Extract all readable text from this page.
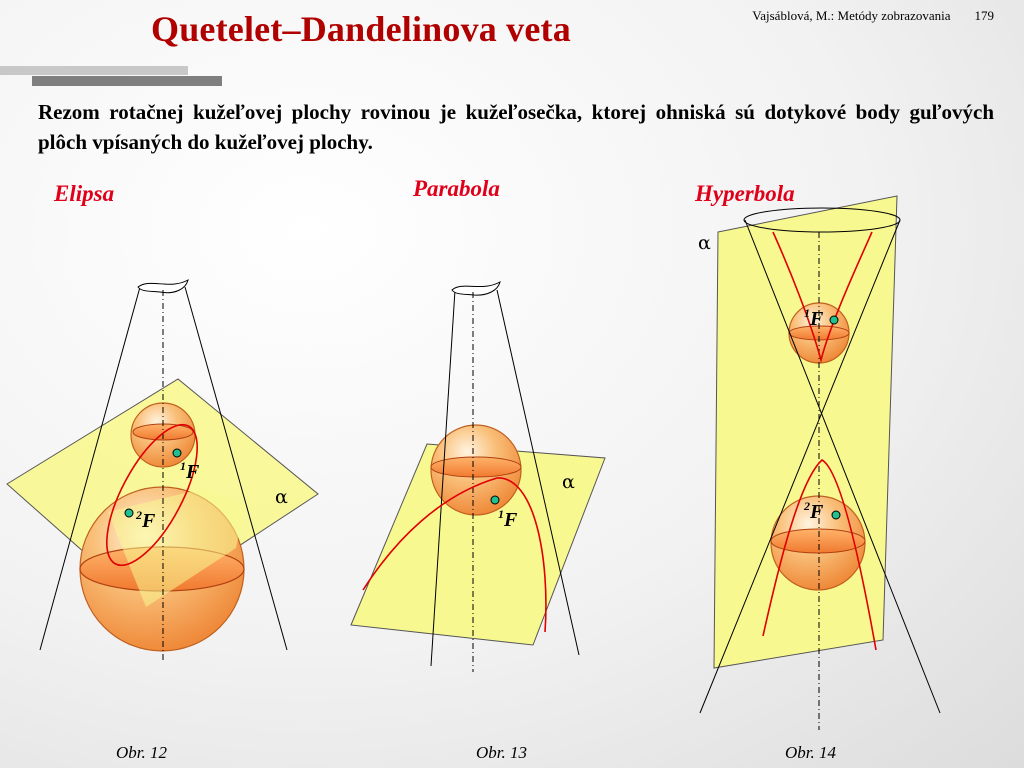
Quetelet–Dandelinova veta	Vajsáblová, M.: Metódy zobrazovania 179
Rezom rotačnej kužeľovej plochy rovinou je kužeľosečka, ktorej ohniská sú dotykové body guľových plôch vpísaných do kužeľovej plochy.
Elipsa	Parabola	Hyperbola
Obr. 12	Obr. 13	Obr. 14
$^1$F
$^2$F
α
$^1$F
α
$^1$F
$^2$F
α
